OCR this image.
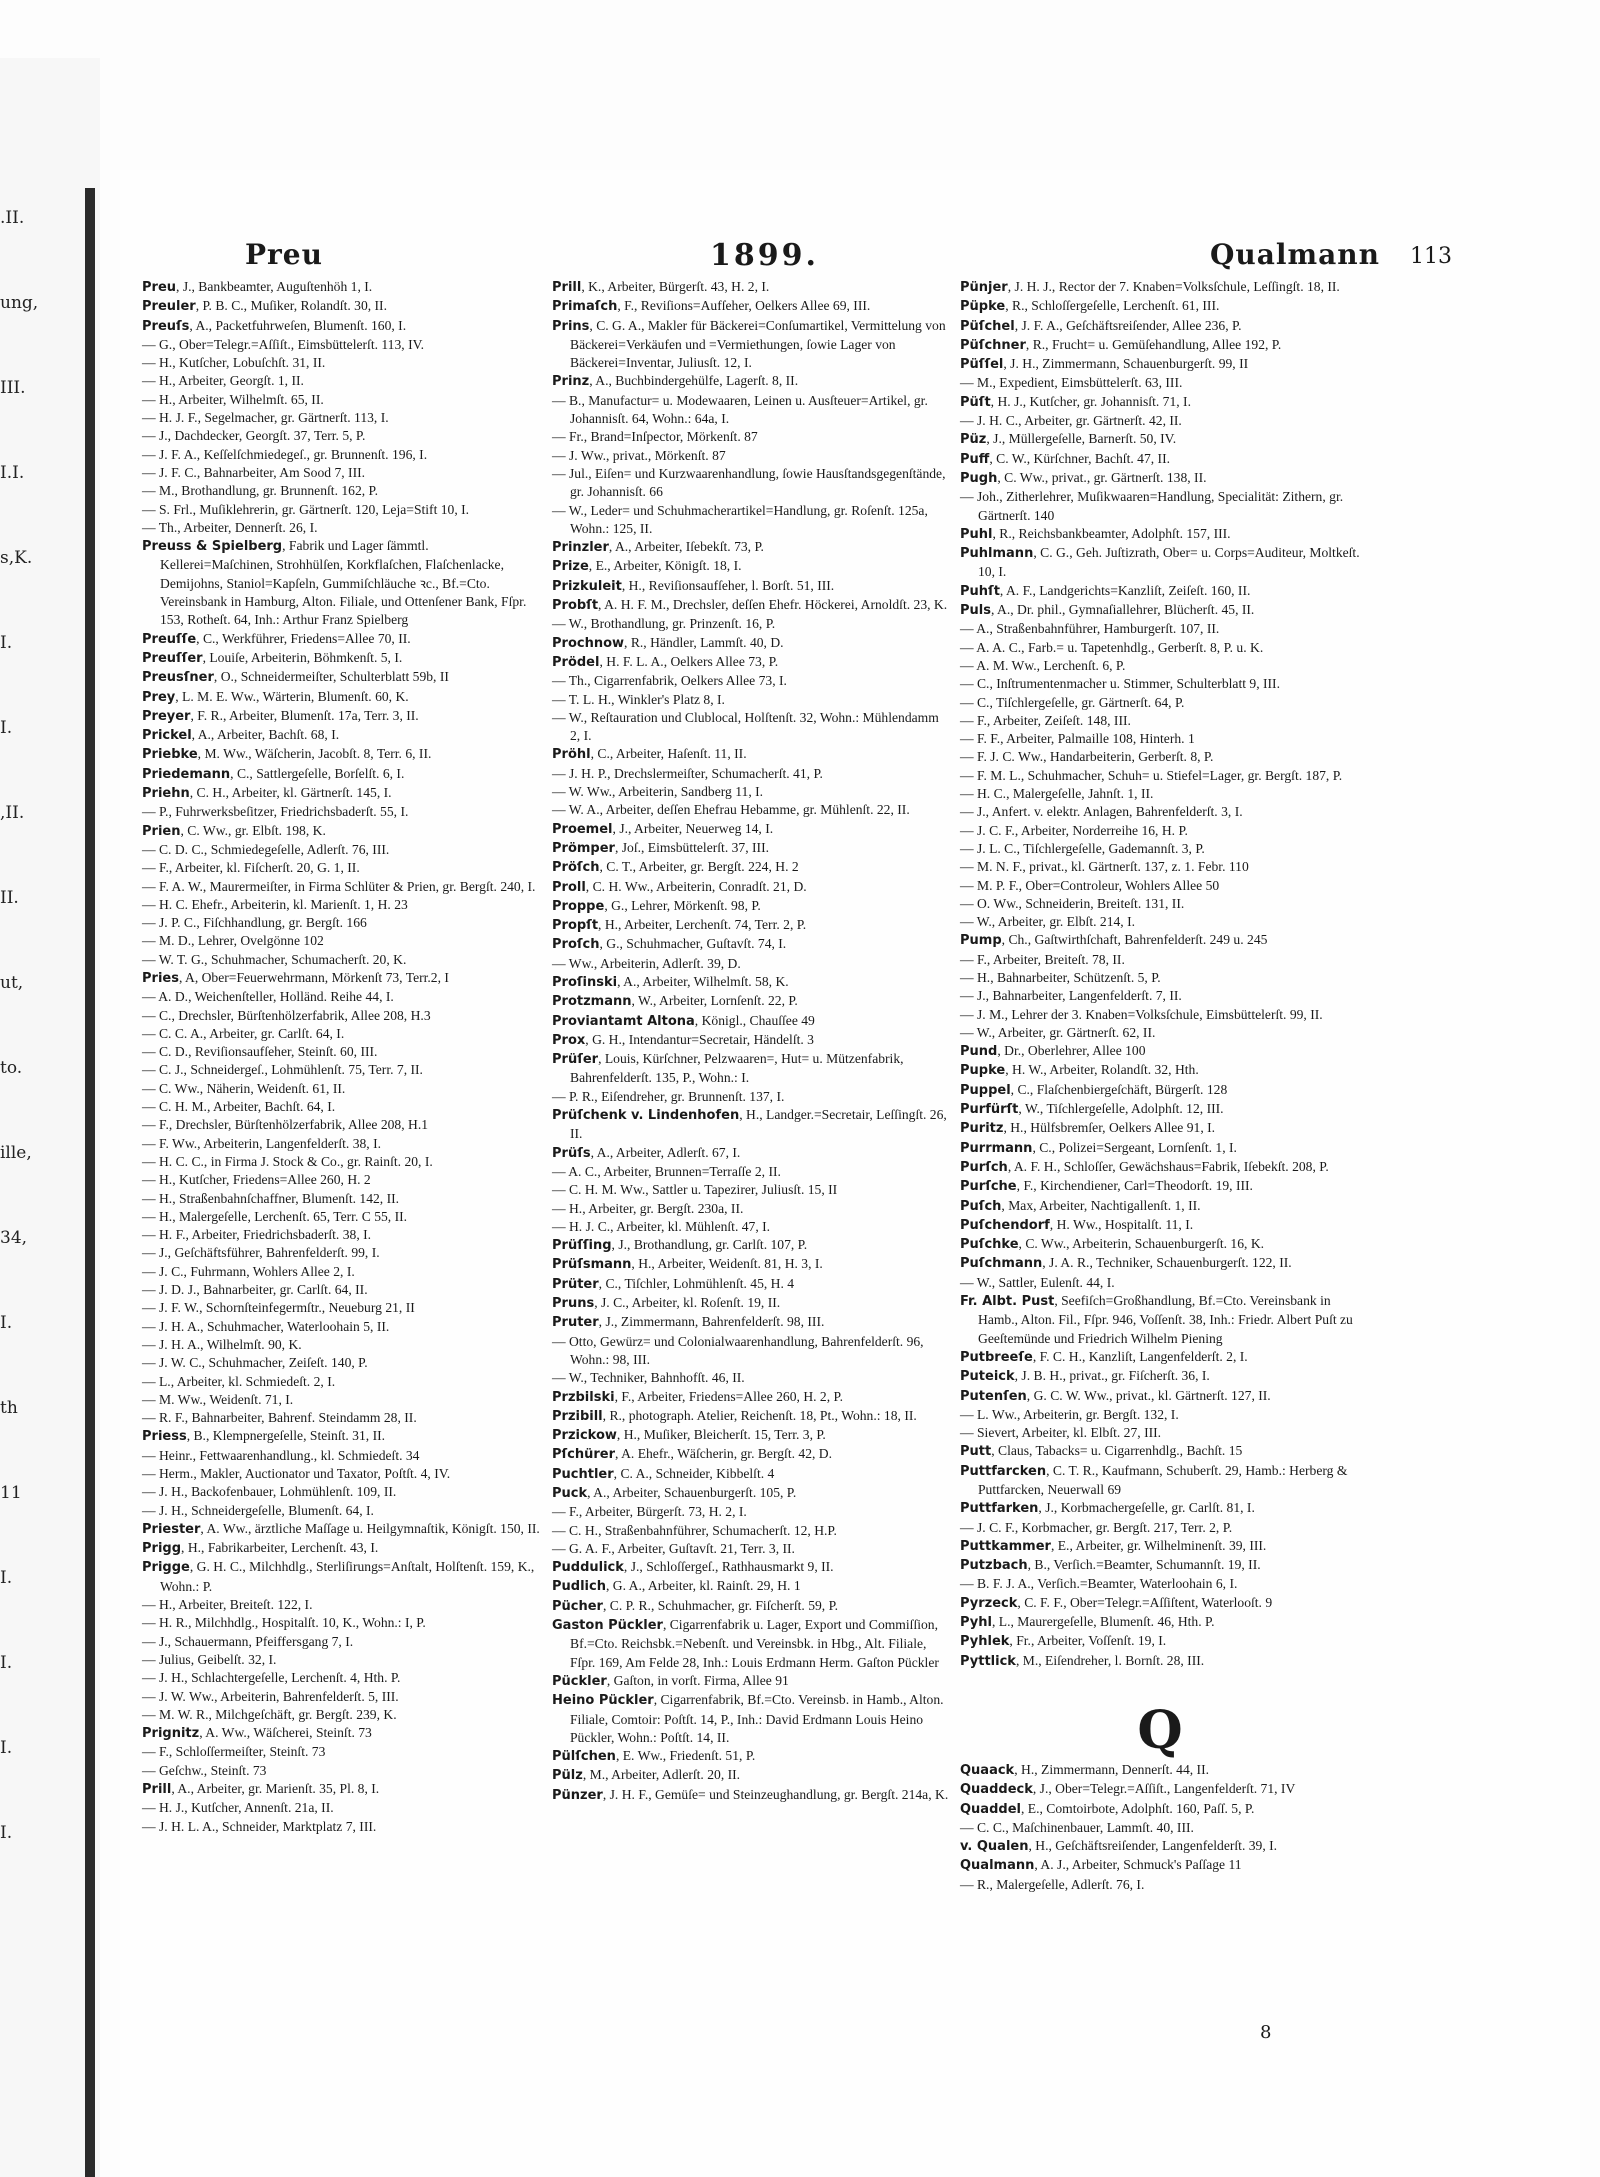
.II.
ung,
III.
I.I.
s,K.
I.
I.
,II.
II.
ut,
to.
ille,
34,
I.
th
11
I.
I.
I.
I.
Preu	1899.	Qualmann 113

Preu, J., Bankbeamter, Auguſtenhöh 1, I.

Preuler, P. B. C., Muſiker, Rolandſt. 30, II.

Preuſs, A., Packetfuhrweſen, Blumenſt. 160, I.

— G., Ober=Telegr.=Aſſiſt., Eimsbüttelerſt. 113, IV.

— H., Kutſcher, Lobuſchſt. 31, II.

— H., Arbeiter, Georgſt. 1, II.

— H., Arbeiter, Wilhelmſt. 65, II.

— H. J. F., Segelmacher, gr. Gärtnerſt. 113, I.

— J., Dachdecker, Georgſt. 37, Terr. 5, P.

— J. F. A., Keſſelſchmiedegeſ., gr. Brunnenſt. 196, I.

— J. F. C., Bahnarbeiter, Am Sood 7, III.

— M., Brothandlung, gr. Brunnenſt. 162, P.

— S. Frl., Muſiklehrerin, gr. Gärtnerſt. 120, Leja=Stift 10, I.

— Th., Arbeiter, Dennerſt. 26, I.

Preuss & Spielberg, Fabrik und Lager ſämmtl. Kellerei=Maſchinen, Strohhülſen, Korkflaſchen, Flaſchenlacke, Demijohns, Staniol=Kapſeln, Gummiſchläuche ꝛc., Bf.=Cto. Vereinsbank in Hamburg, Alton. Filiale, und Ottenſener Bank, Fſpr. 153, Rotheſt. 64, Inh.: Arthur Franz Spielberg

Preuſſe, C., Werkführer, Friedens=Allee 70, II.

Preuſſer, Louiſe, Arbeiterin, Böhmkenſt. 5, I.

Preusſner, O., Schneidermeiſter, Schulterblatt 59b, II

Prey, L. M. E. Ww., Wärterin, Blumenſt. 60, K.

Preyer, F. R., Arbeiter, Blumenſt. 17a, Terr. 3, II.

Prickel, A., Arbeiter, Bachſt. 68, I.

Priebke, M. Ww., Wäſcherin, Jacobſt. 8, Terr. 6, II.

Priedemann, C., Sattlergeſelle, Borſelſt. 6, I.

Priehn, C. H., Arbeiter, kl. Gärtnerſt. 145, I.

— P., Fuhrwerksbeſitzer, Friedrichsbaderſt. 55, I.

Prien, C. Ww., gr. Elbſt. 198, K.

— C. D. C., Schmiedegeſelle, Adlerſt. 76, III.

— F., Arbeiter, kl. Fiſcherſt. 20, G. 1, II.

— F. A. W., Maurermeiſter, in Firma Schlüter & Prien, gr. Bergſt. 240, I.

— H. C. Ehefr., Arbeiterin, kl. Marienſt. 1, H. 23

— J. P. C., Fiſchhandlung, gr. Bergſt. 166

— M. D., Lehrer, Ovelgönne 102

— W. T. G., Schuhmacher, Schumacherſt. 20, K.

Pries, A, Ober=Feuerwehrmann, Mörkenſt 73, Terr.2, I

— A. D., Weichenſteller, Holländ. Reihe 44, I.

— C., Drechsler, Bürſtenhölzerfabrik, Allee 208, H.3

— C. C. A., Arbeiter, gr. Carlſt. 64, I.

— C. D., Reviſionsaufſeher, Steinſt. 60, III.

— C. J., Schneidergeſ., Lohmühlenſt. 75, Terr. 7, II.

— C. Ww., Näherin, Weidenſt. 61, II.

— C. H. M., Arbeiter, Bachſt. 64, I.

— F., Drechsler, Bürſtenhölzerfabrik, Allee 208, H.1

— F. Ww., Arbeiterin, Langenfelderſt. 38, I.

— H. C. C., in Firma J. Stock & Co., gr. Rainſt. 20, I.

— H., Kutſcher, Friedens=Allee 260, H. 2

— H., Straßenbahnſchaffner, Blumenſt. 142, II.

— H., Malergeſelle, Lerchenſt. 65, Terr. C 55, II.

— H. F., Arbeiter, Friedrichsbaderſt. 38, I.

— J., Geſchäftsführer, Bahrenfelderſt. 99, I.

— J. C., Fuhrmann, Wohlers Allee 2, I.

— J. D. J., Bahnarbeiter, gr. Carlſt. 64, II.

— J. F. W., Schornſteinfegermſtr., Neueburg 21, II

— J. H. A., Schuhmacher, Waterloohain 5, II.

— J. H. A., Wilhelmſt. 90, K.

— J. W. C., Schuhmacher, Zeiſeſt. 140, P.

— L., Arbeiter, kl. Schmiedeſt. 2, I.

— M. Ww., Weidenſt. 71, I.

— R. F., Bahnarbeiter, Bahrenf. Steindamm 28, II.

Priess, B., Klempnergeſelle, Steinſt. 31, II.

— Heinr., Fettwaarenhandlung., kl. Schmiedeſt. 34

— Herm., Makler, Auctionator und Taxator, Poſtſt. 4, IV.

— J. H., Backofenbauer, Lohmühlenſt. 109, II.

— J. H., Schneidergeſelle, Blumenſt. 64, I.

Priester, A. Ww., ärztliche Maſſage u. Heilgymnaſtik, Königſt. 150, II.

Prigg, H., Fabrikarbeiter, Lerchenſt. 43, I.

Prigge, G. H. C., Milchhdlg., Sterliſirungs=Anſtalt, Holſtenſt. 159, K., Wohn.: P.

— H., Arbeiter, Breiteſt. 122, I.

— H. R., Milchhdlg., Hospitalſt. 10, K., Wohn.: I, P.

— J., Schauermann, Pfeiffersgang 7, I.

— Julius, Geibelſt. 32, I.

— J. H., Schlachtergeſelle, Lerchenſt. 4, Hth. P.

— J. W. Ww., Arbeiterin, Bahrenfelderſt. 5, III.

— M. W. R., Milchgeſchäft, gr. Bergſt. 239, K.

Prignitz, A. Ww., Wäſcherei, Steinſt. 73

— F., Schloſſermeiſter, Steinſt. 73

— Geſchw., Steinſt. 73

Prill, A., Arbeiter, gr. Marienſt. 35, Pl. 8, I.

— H. J., Kutſcher, Annenſt. 21a, II.

— J. H. L. A., Schneider, Marktplatz 7, III.

Prill, K., Arbeiter, Bürgerſt. 43, H. 2, I.

Primaſch, F., Reviſions=Aufſeher, Oelkers Allee 69, III.

Prins, C. G. A., Makler für Bäckerei=Conſumartikel, Vermittelung von Bäckerei=Verkäufen und =Vermiethungen, ſowie Lager von Bäckerei=Inventar, Juliusſt. 12, I.

Prinz, A., Buchbindergehülfe, Lagerſt. 8, II.

— B., Manufactur= u. Modewaaren, Leinen u. Ausſteuer=Artikel, gr. Johannisſt. 64, Wohn.: 64a, I.

— Fr., Brand=Inſpector, Mörkenſt. 87

— J. Ww., privat., Mörkenſt. 87

— Jul., Eiſen= und Kurzwaarenhandlung, ſowie Hausſtandsgegenſtände, gr. Johannisſt. 66

— W., Leder= und Schuhmacherartikel=Handlung, gr. Roſenſt. 125a, Wohn.: 125, II.

Prinzler, A., Arbeiter, Iſebekſt. 73, P.

Prize, E., Arbeiter, Königſt. 18, I.

Prizkuleit, H., Reviſionsaufſeher, l. Borſt. 51, III.

Probſt, A. H. F. M., Drechsler, deſſen Ehefr. Höckerei, Arnoldſt. 23, K.

— W., Brothandlung, gr. Prinzenſt. 16, P.

Prochnow, R., Händler, Lammſt. 40, D.

Prödel, H. F. L. A., Oelkers Allee 73, P.

— Th., Cigarrenfabrik, Oelkers Allee 73, I.

— T. L. H., Winkler's Platz 8, I.

— W., Reſtauration und Clublocal, Holſtenſt. 32, Wohn.: Mühlendamm 2, I.

Pröhl, C., Arbeiter, Haſenſt. 11, II.

— J. H. P., Drechslermeiſter, Schumacherſt. 41, P.

— W. Ww., Arbeiterin, Sandberg 11, I.

— W. A., Arbeiter, deſſen Ehefrau Hebamme, gr. Mühlenſt. 22, II.

Proemel, J., Arbeiter, Neuerweg 14, I.

Prömper, Joſ., Eimsbüttelerſt. 37, III.

Pröſch, C. T., Arbeiter, gr. Bergſt. 224, H. 2

Proll, C. H. Ww., Arbeiterin, Conradſt. 21, D.

Proppe, G., Lehrer, Mörkenſt. 98, P.

Propſt, H., Arbeiter, Lerchenſt. 74, Terr. 2, P.

Proſch, G., Schuhmacher, Guſtavſt. 74, I.

— Ww., Arbeiterin, Adlerſt. 39, D.

Proſinski, A., Arbeiter, Wilhelmſt. 58, K.

Protzmann, W., Arbeiter, Lornſenſt. 22, P.

Proviantamt Altona, Königl., Chauſſee 49

Prox, G. H., Intendantur=Secretair, Händelſt. 3

Prüſer, Louis, Kürſchner, Pelzwaaren=, Hut= u. Mützenfabrik, Bahrenfelderſt. 135, P., Wohn.: I.

— P. R., Eiſendreher, gr. Brunnenſt. 137, I.

Prüſchenk v. Lindenhofen, H., Landger.=Secretair, Leſſingſt. 26, II.

Prüſs, A., Arbeiter, Adlerſt. 67, I.

— A. C., Arbeiter, Brunnen=Terraſſe 2, II.

— C. H. M. Ww., Sattler u. Tapezirer, Juliusſt. 15, II

— H., Arbeiter, gr. Bergſt. 230a, II.

— H. J. C., Arbeiter, kl. Mühlenſt. 47, I.

Prüſſing, J., Brothandlung, gr. Carlſt. 107, P.

Prüſsmann, H., Arbeiter, Weidenſt. 81, H. 3, I.

Prüter, C., Tiſchler, Lohmühlenſt. 45, H. 4

Pruns, J. C., Arbeiter, kl. Roſenſt. 19, II.

Pruter, J., Zimmermann, Bahrenfelderſt. 98, III.

— Otto, Gewürz= und Colonialwaarenhandlung, Bahrenfelderſt. 96, Wohn.: 98, III.

— W., Techniker, Bahnhofſt. 46, II.

Przbilski, F., Arbeiter, Friedens=Allee 260, H. 2, P.

Przibill, R., photograph. Atelier, Reichenſt. 18, Pt., Wohn.: 18, II.

Przickow, H., Muſiker, Bleicherſt. 15, Terr. 3, P.

Pſchürer, A. Ehefr., Wäſcherin, gr. Bergſt. 42, D.

Puchtler, C. A., Schneider, Kibbelſt. 4

Puck, A., Arbeiter, Schauenburgerſt. 105, P.

— F., Arbeiter, Bürgerſt. 73, H. 2, I.

— C. H., Straßenbahnführer, Schumacherſt. 12, H.P.

— G. A. F., Arbeiter, Guſtavſt. 21, Terr. 3, II.

Puddulick, J., Schloſſergeſ., Rathhausmarkt 9, II.

Pudlich, G. A., Arbeiter, kl. Rainſt. 29, H. 1

Pücher, C. P. R., Schuhmacher, gr. Fiſcherſt. 59, P.

Gaston Pückler, Cigarrenfabrik u. Lager, Export und Commiſſion, Bf.=Cto. Reichsbk.=Nebenſt. und Vereinsbk. in Hbg., Alt. Filiale, Fſpr. 169, Am Felde 28, Inh.: Louis Erdmann Herm. Gaſton Pückler

Pückler, Gaſton, in vorſt. Firma, Allee 91

Heino Pückler, Cigarrenfabrik, Bf.=Cto. Vereinsb. in Hamb., Alton. Filiale, Comtoir: Poſtſt. 14, P., Inh.: David Erdmann Louis Heino Pückler, Wohn.: Poſtſt. 14, II.

Pülſchen, E. Ww., Friedenſt. 51, P.

Pülz, M., Arbeiter, Adlerſt. 20, II.

Pünzer, J. H. F., Gemüſe= und Steinzeughandlung, gr. Bergſt. 214a, K.

Pünjer, J. H. J., Rector der 7. Knaben=Volksſchule, Leſſingſt. 18, II.

Püpke, R., Schloſſergeſelle, Lerchenſt. 61, III.

Püſchel, J. F. A., Geſchäftsreiſender, Allee 236, P.

Püſchner, R., Frucht= u. Gemüſehandlung, Allee 192, P.

Püſſel, J. H., Zimmermann, Schauenburgerſt. 99, II

— M., Expedient, Eimsbüttelerſt. 63, III.

Püſt, H. J., Kutſcher, gr. Johannisſt. 71, I.

— J. H. C., Arbeiter, gr. Gärtnerſt. 42, II.

Püz, J., Müllergeſelle, Barnerſt. 50, IV.

Puff, C. W., Kürſchner, Bachſt. 47, II.

Pugh, C. Ww., privat., gr. Gärtnerſt. 138, II.

— Joh., Zitherlehrer, Muſikwaaren=Handlung, Specialität: Zithern, gr. Gärtnerſt. 140

Puhl, R., Reichsbankbeamter, Adolphſt. 157, III.

Puhlmann, C. G., Geh. Juſtizrath, Ober= u. Corps=Auditeur, Moltkeſt. 10, I.

Puhſt, A. F., Landgerichts=Kanzliſt, Zeiſeſt. 160, II.

Puls, A., Dr. phil., Gymnaſiallehrer, Blücherſt. 45, II.

— A., Straßenbahnführer, Hamburgerſt. 107, II.

— A. A. C., Farb.= u. Tapetenhdlg., Gerberſt. 8, P. u. K.

— A. M. Ww., Lerchenſt. 6, P.

— C., Inſtrumentenmacher u. Stimmer, Schulterblatt 9, III.

— C., Tiſchlergeſelle, gr. Gärtnerſt. 64, P.

— F., Arbeiter, Zeiſeſt. 148, III.

— F. F., Arbeiter, Palmaille 108, Hinterh. 1

— F. J. C. Ww., Handarbeiterin, Gerberſt. 8, P.

— F. M. L., Schuhmacher, Schuh= u. Stiefel=Lager, gr. Bergſt. 187, P.

— H. C., Malergeſelle, Jahnſt. 1, II.

— J., Anfert. v. elektr. Anlagen, Bahrenfelderſt. 3, I.

— J. C. F., Arbeiter, Norderreihe 16, H. P.

— J. L. C., Tiſchlergeſelle, Gademannſt. 3, P.

— M. N. F., privat., kl. Gärtnerſt. 137, z. 1. Febr. 110

— M. P. F., Ober=Controleur, Wohlers Allee 50

— O. Ww., Schneiderin, Breiteſt. 131, II.

— W., Arbeiter, gr. Elbſt. 214, I.

Pump, Ch., Gaſtwirthſchaft, Bahrenfelderſt. 249 u. 245

— F., Arbeiter, Breiteſt. 78, II.

— H., Bahnarbeiter, Schützenſt. 5, P.

— J., Bahnarbeiter, Langenfelderſt. 7, II.

— J. M., Lehrer der 3. Knaben=Volksſchule, Eimsbüttelerſt. 99, II.

— W., Arbeiter, gr. Gärtnerſt. 62, II.

Pund, Dr., Oberlehrer, Allee 100

Pupke, H. W., Arbeiter, Rolandſt. 32, Hth.

Puppel, C., Flaſchenbiergeſchäft, Bürgerſt. 128

Purfürſt, W., Tiſchlergeſelle, Adolphſt. 12, III.

Puritz, H., Hülfsbremſer, Oelkers Allee 91, I.

Purrmann, C., Polizei=Sergeant, Lornſenſt. 1, I.

Purſch, A. F. H., Schloſſer, Gewächshaus=Fabrik, Iſebekſt. 208, P.

Purſche, F., Kirchendiener, Carl=Theodorſt. 19, III.

Puſch, Max, Arbeiter, Nachtigallenſt. 1, II.

Puſchendorf, H. Ww., Hospitalſt. 11, I.

Puſchke, C. Ww., Arbeiterin, Schauenburgerſt. 16, K.

Puſchmann, J. A. R., Techniker, Schauenburgerſt. 122, II.

— W., Sattler, Eulenſt. 44, I.

Fr. Albt. Pust, Seefiſch=Großhandlung, Bf.=Cto. Vereinsbank in Hamb., Alton. Fil., Fſpr. 946, Voſſenſt. 38, Inh.: Friedr. Albert Puſt zu Geeſtemünde und Friedrich Wilhelm Piening

Putbreeſe, F. C. H., Kanzliſt, Langenfelderſt. 2, I.

Puteick, J. B. H., privat., gr. Fiſcherſt. 36, I.

Putenſen, G. C. W. Ww., privat., kl. Gärtnerſt. 127, II.

— L. Ww., Arbeiterin, gr. Bergſt. 132, I.

— Sievert, Arbeiter, kl. Elbſt. 27, III.

Putt, Claus, Tabacks= u. Cigarrenhdlg., Bachſt. 15

Puttfarcken, C. T. R., Kaufmann, Schuberſt. 29, Hamb.: Herberg & Puttfarcken, Neuerwall 69

Puttfarken, J., Korbmachergeſelle, gr. Carlſt. 81, I.

— J. C. F., Korbmacher, gr. Bergſt. 217, Terr. 2, P.

Puttkammer, E., Arbeiter, gr. Wilhelminenſt. 39, III.

Putzbach, B., Verſich.=Beamter, Schumannſt. 19, II.

— B. F. J. A., Verſich.=Beamter, Waterloohain 6, I.

Pyrzeck, C. F. F., Ober=Telegr.=Aſſiſtent, Waterlooſt. 9

Pyhl, L., Maurergeſelle, Blumenſt. 46, Hth. P.

Pyhlek, Fr., Arbeiter, Voſſenſt. 19, I.

Pyttlick, M., Eiſendreher, l. Bornſt. 28, III.

Q

Quaack, H., Zimmermann, Dennerſt. 44, II.

Quaddeck, J., Ober=Telegr.=Aſſiſt., Langenfelderſt. 71, IV

Quaddel, E., Comtoirbote, Adolphſt. 160, Paſſ. 5, P.

— C. C., Maſchinenbauer, Lammſt. 40, III.

v. Qualen, H., Geſchäftsreiſender, Langenfelderſt. 39, I.

Qualmann, A. J., Arbeiter, Schmuck's Paſſage 11

— R., Malergeſelle, Adlerſt. 76, I.

8
